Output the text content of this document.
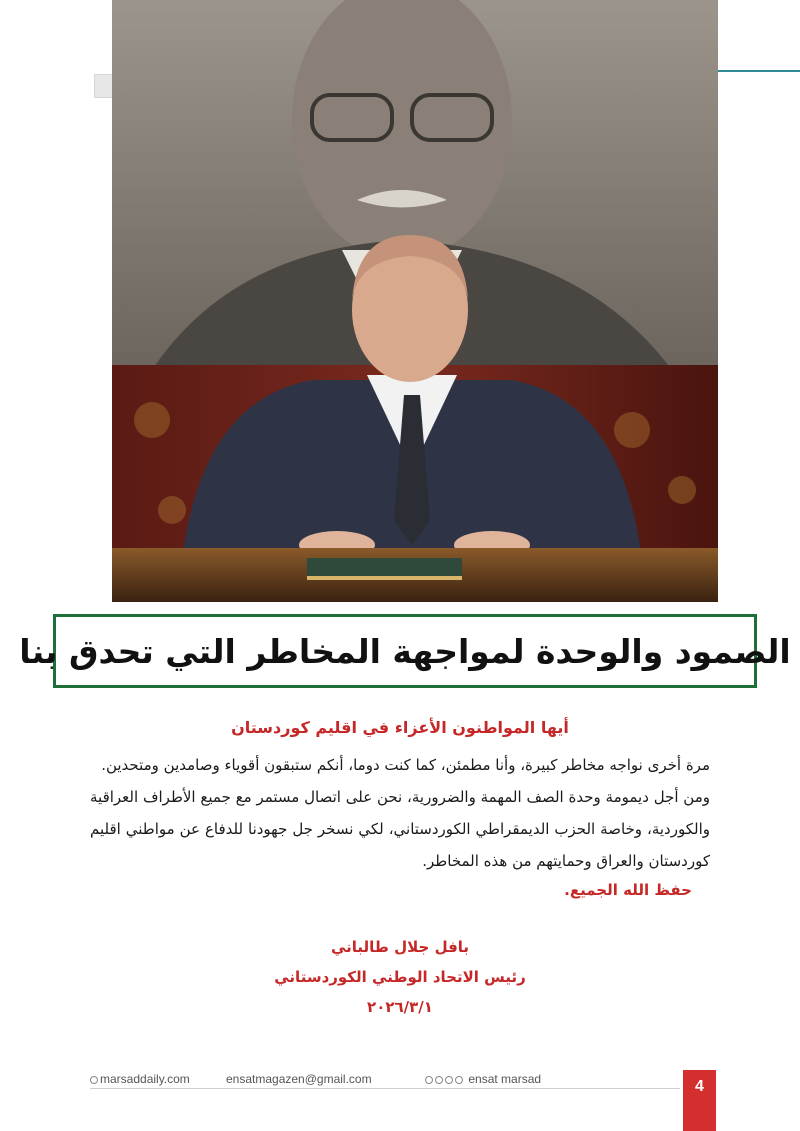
الصمود والوحدة لمواجهة المخاطر التي تحدق بنا

أيها المواطنون الأعزاء في اقليم كوردستان

مرة أخرى نواجه مخاطر كبيرة، وأنا مطمئن، كما كنت دوما، أنكم ستبقون أقوياء وصامدين ومتحدين.

ومن أجل ديمومة وحدة الصف المهمة والضرورية، نحن على اتصال مستمر مع جميع الأطراف العراقية والكوردية، وخاصة الحزب الديمقراطي الكوردستاني، لكي نسخر جل جهودنا للدفاع عن مواطني اقليم كوردستان والعراق وحمايتهم من هذه المخاطر.

حفظ الله الجميع.

بافل جلال طالباني

رئيس الاتحاد الوطني الكوردستاني

٢٠٢٦/٣/١

marsaddaily.com	ensatmagazen@gmail.com	ensat marsad	4
